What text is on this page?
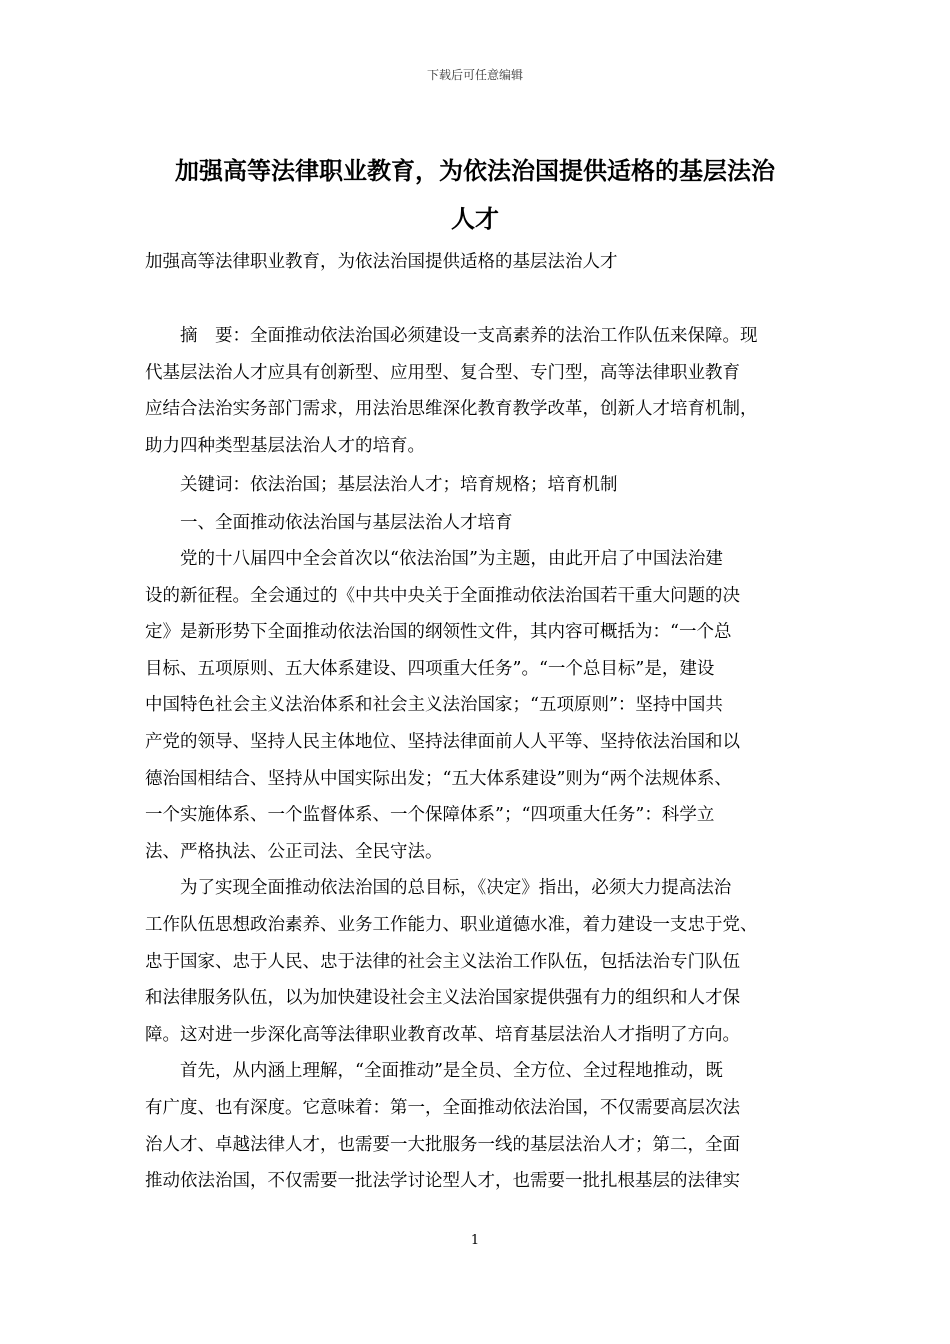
下载后可任意编辑
加强高等法律职业教育，为依法治国提供适格的基层法治
人才
加强高等法律职业教育，为依法治国提供适格的基层法治人才

摘　要：全面推动依法治国必须建设一支高素养的法治工作队伍来保障。现
代基层法治人才应具有创新型、应用型、复合型、专门型，高等法律职业教育
应结合法治实务部门需求，用法治思维深化教育教学改革，创新人才培育机制，
助力四种类型基层法治人才的培育。

关键词：依法治国；基层法治人才；培育规格；培育机制

一、全面推动依法治国与基层法治人才培育

党的十八届四中全会首次以“依法治国”为主题，由此开启了中国法治建
设的新征程。全会通过的《中共中央关于全面推动依法治国若干重大问题的决
定》是新形势下全面推动依法治国的纲领性文件，其内容可概括为：“一个总
目标、五项原则、五大体系建设、四项重大任务”。“一个总目标”是，建设
中国特色社会主义法治体系和社会主义法治国家；“五项原则”：坚持中国共
产党的领导、坚持人民主体地位、坚持法律面前人人平等、坚持依法治国和以
德治国相结合、坚持从中国实际出发；“五大体系建设”则为“两个法规体系、
一个实施体系、一个监督体系、一个保障体系”；“四项重大任务”：科学立
法、严格执法、公正司法、全民守法。

为了实现全面推动依法治国的总目标，《决定》指出，必须大力提高法治
工作队伍思想政治素养、业务工作能力、职业道德水准，着力建设一支忠于党、
忠于国家、忠于人民、忠于法律的社会主义法治工作队伍，包括法治专门队伍
和法律服务队伍，以为加快建设社会主义法治国家提供强有力的组织和人才保
障。这对进一步深化高等法律职业教育改革、培育基层法治人才指明了方向。

首先，从内涵上理解，“全面推动”是全员、全方位、全过程地推动，既
有广度、也有深度。它意味着：第一，全面推动依法治国，不仅需要高层次法
治人才、卓越法律人才，也需要一大批服务一线的基层法治人才；第二，全面
推动依法治国，不仅需要一批法学讨论型人才，也需要一批扎根基层的法律实

1
